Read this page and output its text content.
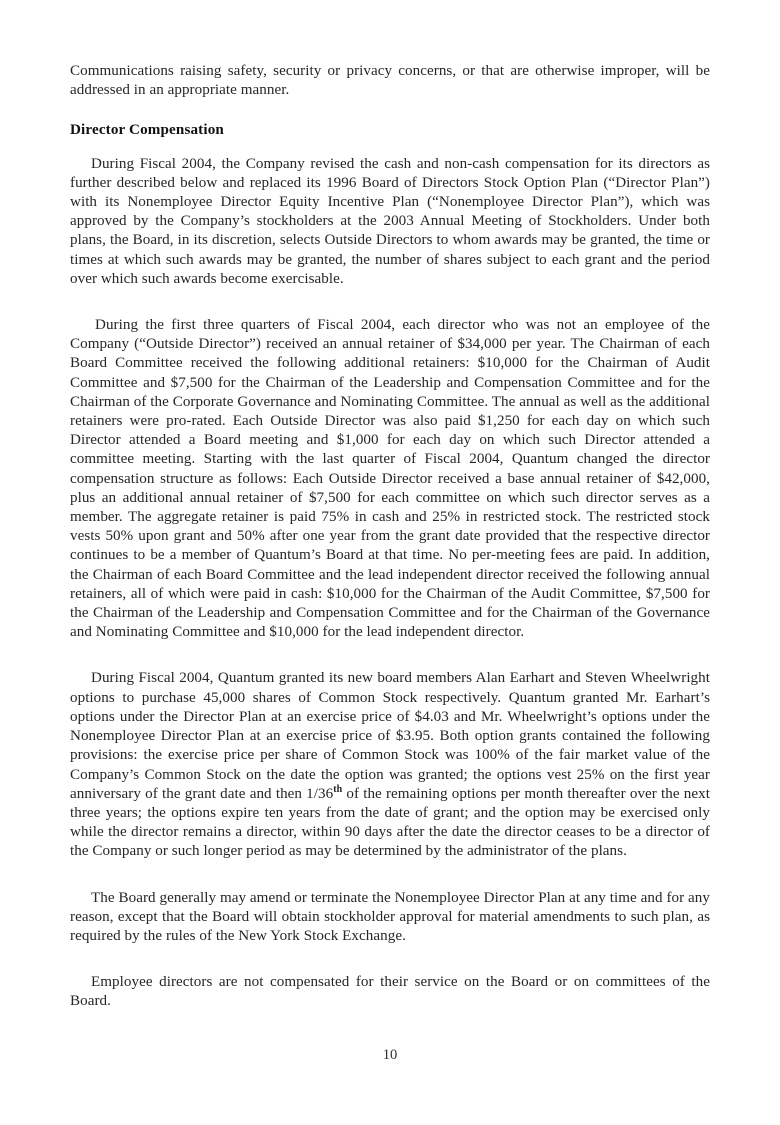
Communications raising safety, security or privacy concerns, or that are otherwise improper, will be addressed in an appropriate manner.

Director Compensation

During Fiscal 2004, the Company revised the cash and non-cash compensation for its directors as further described below and replaced its 1996 Board of Directors Stock Option Plan (“Director Plan”) with its Nonemployee Director Equity Incentive Plan (“Nonemployee Director Plan”), which was approved by the Company’s stockholders at the 2003 Annual Meeting of Stockholders. Under both plans, the Board, in its discretion, selects Outside Directors to whom awards may be granted, the time or times at which such awards may be granted, the number of shares subject to each grant and the period over which such awards become exercisable.

During the first three quarters of Fiscal 2004, each director who was not an employee of the Company (“Outside Director”) received an annual retainer of $34,000 per year. The Chairman of each Board Committee received the following additional retainers: $10,000 for the Chairman of Audit Committee and $7,500 for the Chairman of the Leadership and Compensation Committee and for the Chairman of the Corporate Governance and Nominating Committee. The annual as well as the additional retainers were pro-rated. Each Outside Director was also paid $1,250 for each day on which such Director attended a Board meeting and $1,000 for each day on which such Director attended a committee meeting. Starting with the last quarter of Fiscal 2004, Quantum changed the director compensation structure as follows: Each Outside Director received a base annual retainer of $42,000, plus an additional annual retainer of $7,500 for each committee on which such director serves as a member. The aggregate retainer is paid 75% in cash and 25% in restricted stock. The restricted stock vests 50% upon grant and 50% after one year from the grant date provided that the respective director continues to be a member of Quantum’s Board at that time. No per-meeting fees are paid. In addition, the Chairman of each Board Committee and the lead independent director received the following annual retainers, all of which were paid in cash: $10,000 for the Chairman of the Audit Committee, $7,500 for the Chairman of the Leadership and Compensation Committee and for the Chairman of the Governance and Nominating Committee and $10,000 for the lead independent director.

During Fiscal 2004, Quantum granted its new board members Alan Earhart and Steven Wheelwright options to purchase 45,000 shares of Common Stock respectively. Quantum granted Mr. Earhart’s options under the Director Plan at an exercise price of $4.03 and Mr. Wheelwright’s options under the Nonemployee Director Plan at an exercise price of $3.95. Both option grants contained the following provisions: the exercise price per share of Common Stock was 100% of the fair market value of the Company’s Common Stock on the date the option was granted; the options vest 25% on the first year anniversary of the grant date and then 1/36th of the remaining options per month thereafter over the next three years; the options expire ten years from the date of grant; and the option may be exercised only while the director remains a director, within 90 days after the date the director ceases to be a director of the Company or such longer period as may be determined by the administrator of the plans.

The Board generally may amend or terminate the Nonemployee Director Plan at any time and for any reason, except that the Board will obtain stockholder approval for material amendments to such plan, as required by the rules of the New York Stock Exchange.

Employee directors are not compensated for their service on the Board or on committees of the Board.

10
